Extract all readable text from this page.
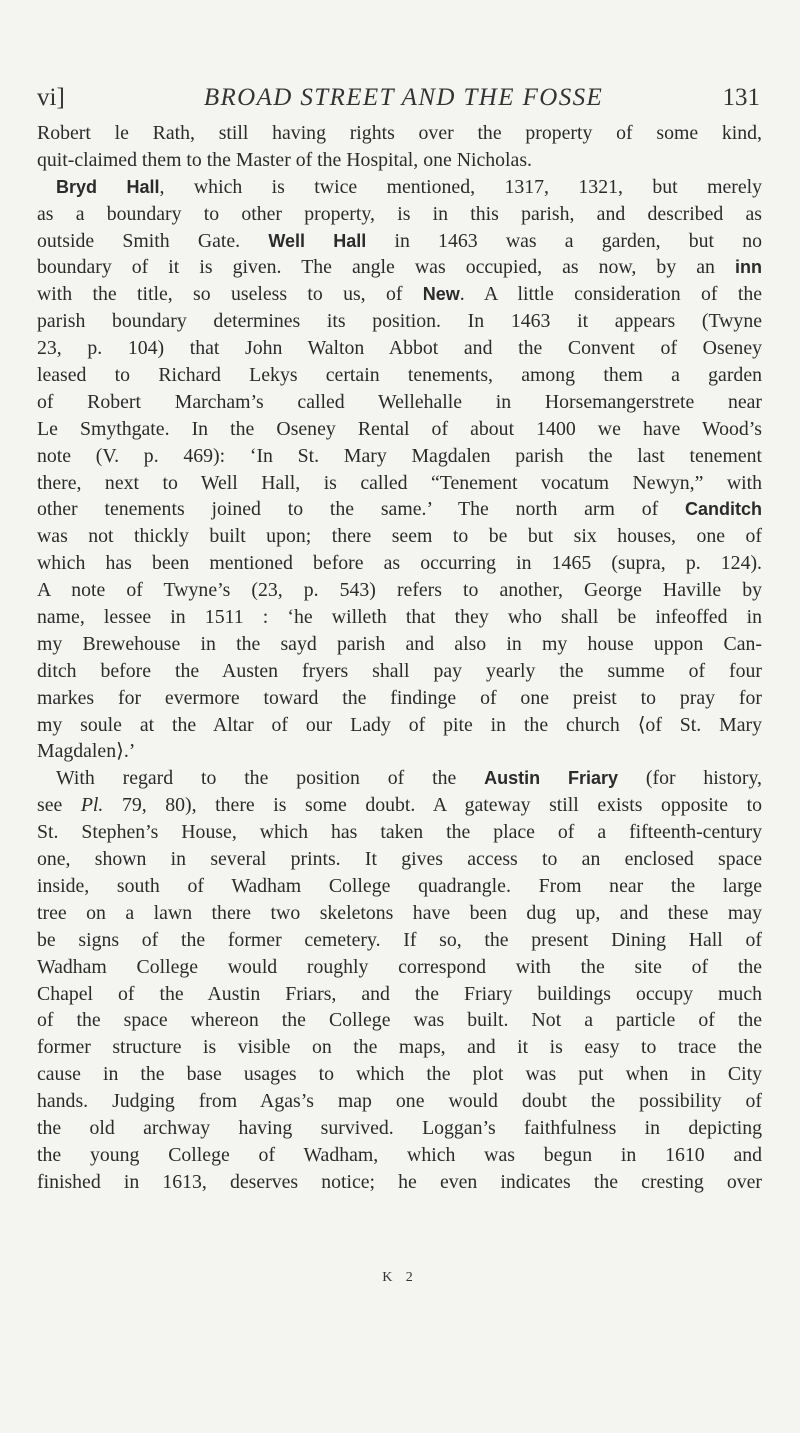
vi]	BROAD STREET AND THE FOSSE	131
Robert le Rath, still having rights over the property of some kind,
quit-claimed them to the Master of the Hospital, one Nicholas.
Bryd Hall, which is twice mentioned, 1317, 1321, but merely
as a boundary to other property, is in this parish, and described as
outside Smith Gate. Well Hall in 1463 was a garden, but no
boundary of it is given. The angle was occupied, as now, by an inn
with the title, so useless to us, of New. A little consideration of the
parish boundary determines its position. In 1463 it appears (Twyne
23, p. 104) that John Walton Abbot and the Convent of Oseney
leased to Richard Lekys certain tenements, among them a garden
of Robert Marcham’s called Wellehalle in Horsemangerstrete near
Le Smythgate. In the Oseney Rental of about 1400 we have Wood’s
note (V. p. 469): ‘In St. Mary Magdalen parish the last tenement
there, next to Well Hall, is called “Tenement vocatum Newyn,” with
other tenements joined to the same.’ The north arm of Canditch
was not thickly built upon; there seem to be but six houses, one of
which has been mentioned before as occurring in 1465 (supra, p. 124).
A note of Twyne’s (23, p. 543) refers to another, George Haville by
name, lessee in 1511 : ‘he willeth that they who shall be infeoffed in
my Brewehouse in the sayd parish and also in my house uppon Can-
ditch before the Austen fryers shall pay yearly the summe of four
markes for evermore toward the findinge of one preist to pray for
my soule at the Altar of our Lady of pite in the church ⟨of St. Mary
Magdalen⟩.’
With regard to the position of the Austin Friary (for history,
see Pl. 79, 80), there is some doubt. A gateway still exists opposite to
St. Stephen’s House, which has taken the place of a fifteenth-century
one, shown in several prints. It gives access to an enclosed space
inside, south of Wadham College quadrangle. From near the large
tree on a lawn there two skeletons have been dug up, and these may
be signs of the former cemetery. If so, the present Dining Hall of
Wadham College would roughly correspond with the site of the
Chapel of the Austin Friars, and the Friary buildings occupy much
of the space whereon the College was built. Not a particle of the
former structure is visible on the maps, and it is easy to trace the
cause in the base usages to which the plot was put when in City
hands. Judging from Agas’s map one would doubt the possibility of
the old archway having survived. Loggan’s faithfulness in depicting
the young College of Wadham, which was begun in 1610 and
finished in 1613, deserves notice; he even indicates the cresting over
K 2
